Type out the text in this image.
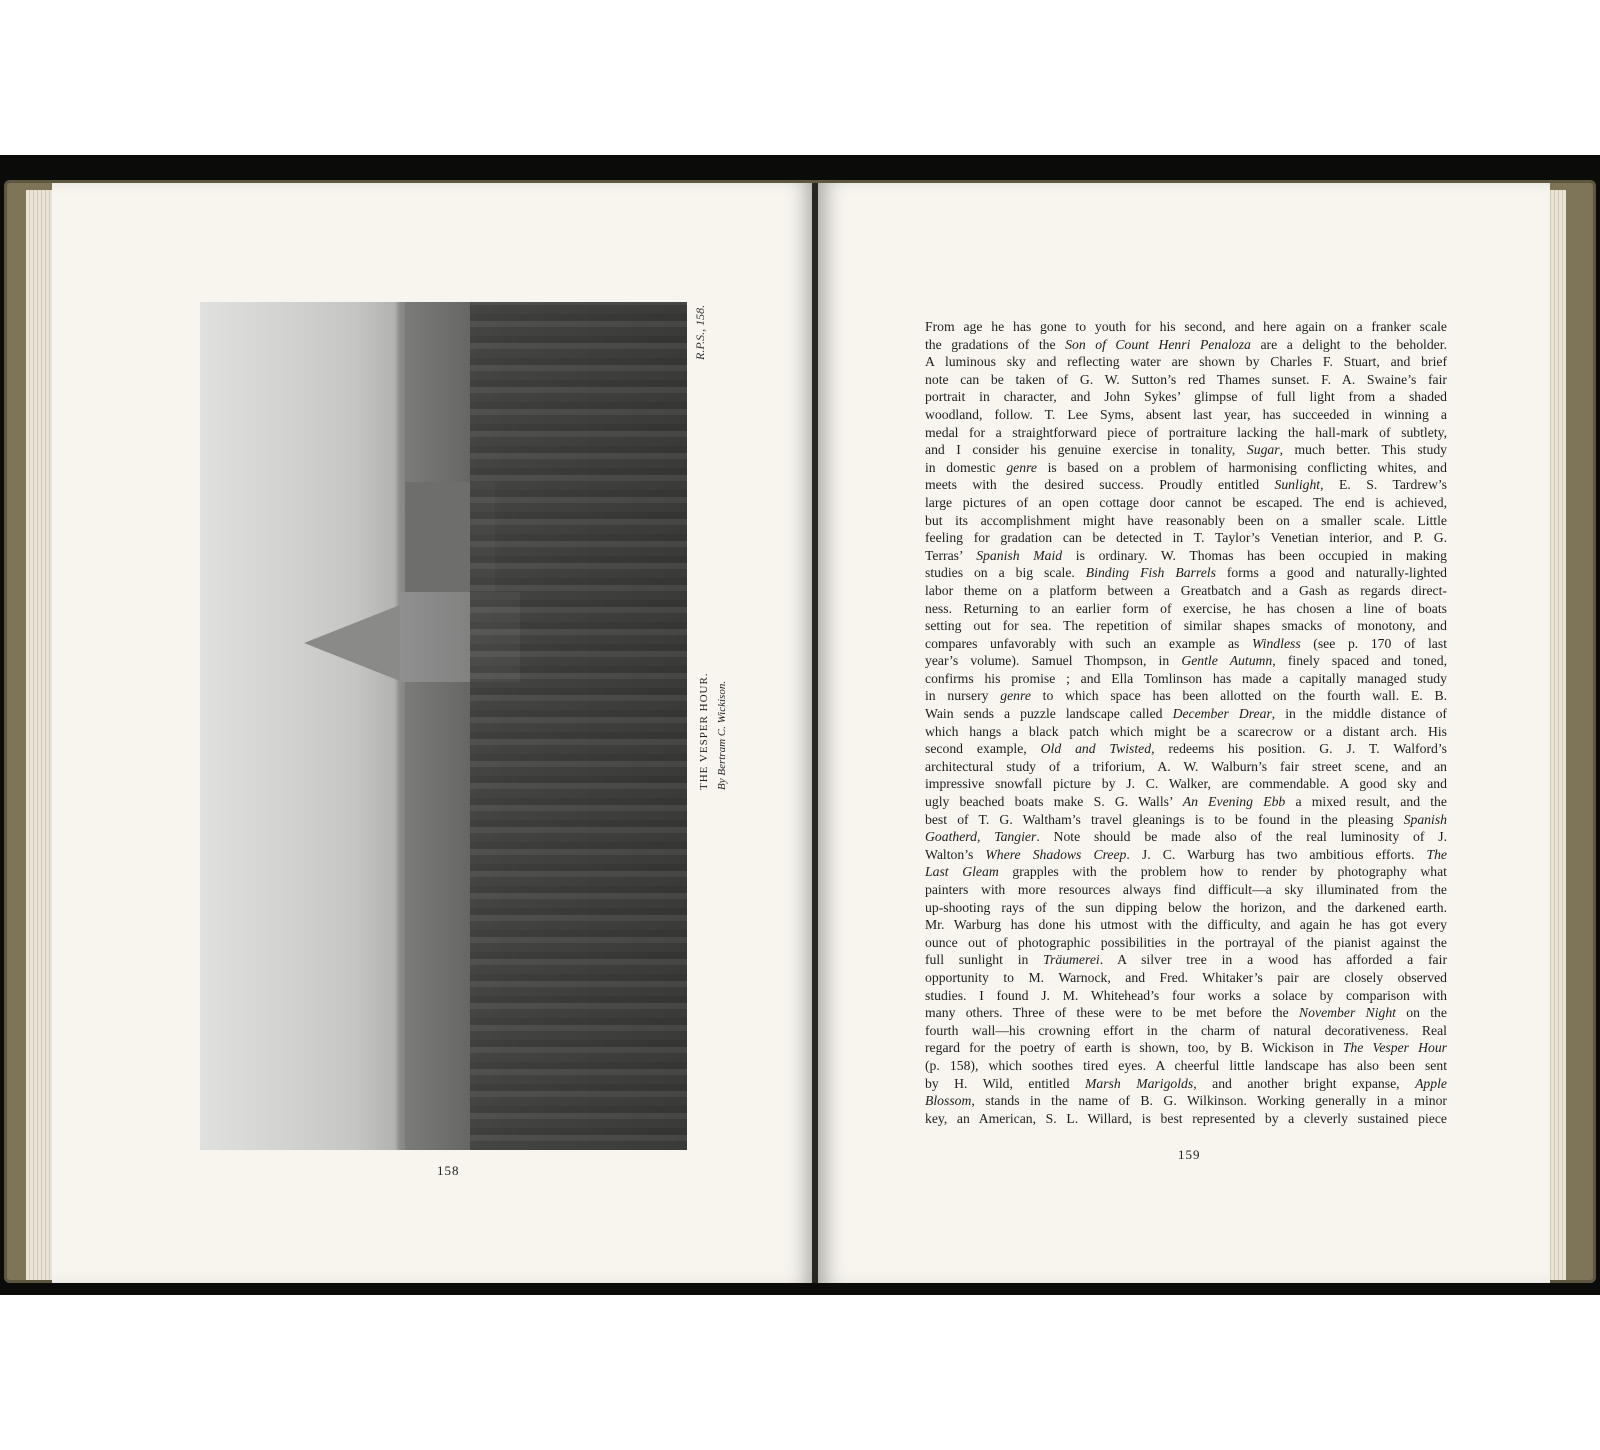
R.P.S., 158.
THE VESPER HOUR. By Bertram C. Wickison.
158
159
From age he has gone to youth for his second, and here again on a franker scale
the gradations of the Son of Count Henri Penaloza are a delight to the beholder.
A luminous sky and reflecting water are shown by Charles F. Stuart, and brief
note can be taken of G. W. Sutton’s red Thames sunset. F. A. Swaine’s fair
portrait in character, and John Sykes’ glimpse of full light from a shaded
woodland, follow. T. Lee Syms, absent last year, has succeeded in winning a
medal for a straightforward piece of portraiture lacking the hall-mark of subtlety,
and I consider his genuine exercise in tonality, Sugar, much better. This study
in domestic genre is based on a problem of harmonising conflicting whites, and
meets with the desired success. Proudly entitled Sunlight, E. S. Tardrew’s
large pictures of an open cottage door cannot be escaped. The end is achieved,
but its accomplishment might have reasonably been on a smaller scale. Little
feeling for gradation can be detected in T. Taylor’s Venetian interior, and P. G.
Terras’ Spanish Maid is ordinary. W. Thomas has been occupied in making
studies on a big scale. Binding Fish Barrels forms a good and naturally-lighted
labor theme on a platform between a Greatbatch and a Gash as regards direct-
ness. Returning to an earlier form of exercise, he has chosen a line of boats
setting out for sea. The repetition of similar shapes smacks of monotony, and
compares unfavorably with such an example as Windless (see p. 170 of last
year’s volume). Samuel Thompson, in Gentle Autumn, finely spaced and toned,
confirms his promise ; and Ella Tomlinson has made a capitally managed study
in nursery genre to which space has been allotted on the fourth wall. E. B.
Wain sends a puzzle landscape called December Drear, in the middle distance of
which hangs a black patch which might be a scarecrow or a distant arch. His
second example, Old and Twisted, redeems his position. G. J. T. Walford’s
architectural study of a triforium, A. W. Walburn’s fair street scene, and an
impressive snowfall picture by J. C. Walker, are commendable. A good sky and
ugly beached boats make S. G. Walls’ An Evening Ebb a mixed result, and the
best of T. G. Waltham’s travel gleanings is to be found in the pleasing Spanish
Goatherd, Tangier. Note should be made also of the real luminosity of J.
Walton’s Where Shadows Creep. J. C. Warburg has two ambitious efforts. The
Last Gleam grapples with the problem how to render by photography what
painters with more resources always find difficult—a sky illuminated from the
up-shooting rays of the sun dipping below the horizon, and the darkened earth.
Mr. Warburg has done his utmost with the difficulty, and again he has got every
ounce out of photographic possibilities in the portrayal of the pianist against the
full sunlight in Träumerei. A silver tree in a wood has afforded a fair
opportunity to M. Warnock, and Fred. Whitaker’s pair are closely observed
studies. I found J. M. Whitehead’s four works a solace by comparison with
many others. Three of these were to be met before the November Night on the
fourth wall—his crowning effort in the charm of natural decorativeness. Real
regard for the poetry of earth is shown, too, by B. Wickison in The Vesper Hour
(p. 158), which soothes tired eyes. A cheerful little landscape has also been sent
by H. Wild, entitled Marsh Marigolds, and another bright expanse, Apple
Blossom, stands in the name of B. G. Wilkinson. Working generally in a minor
key, an American, S. L. Willard, is best represented by a cleverly sustained piece
